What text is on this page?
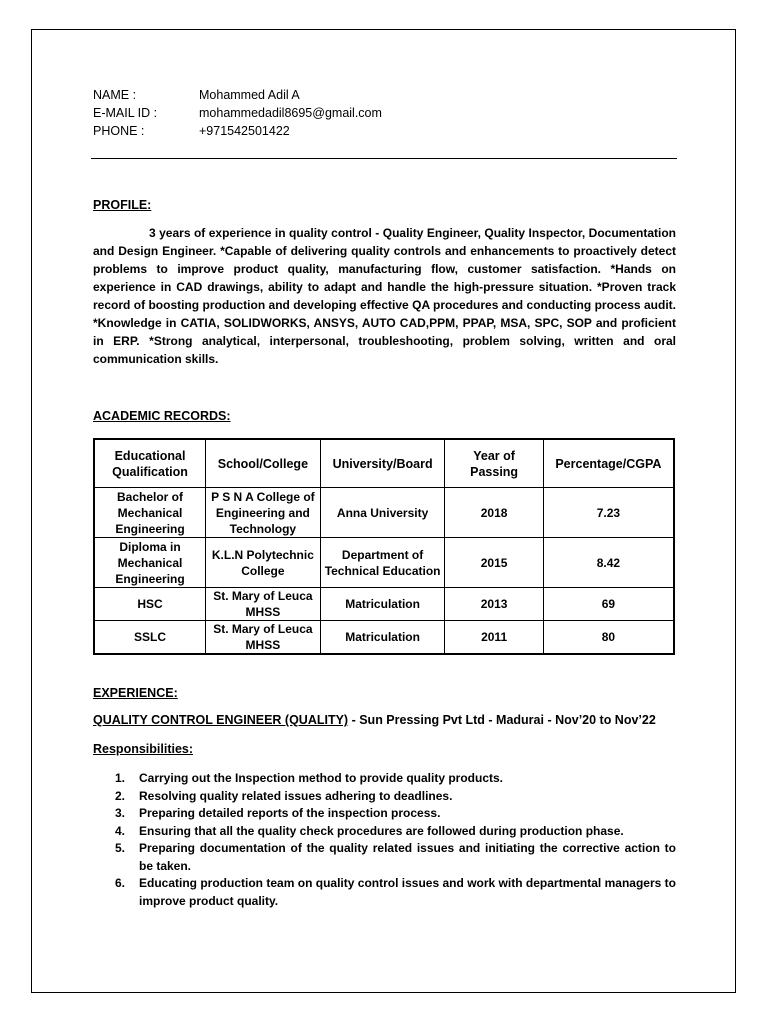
NAME :	Mohammed Adil A
E-MAIL ID :	mohammedadil8695@gmail.com
PHONE :	+971542501422
PROFILE:
3 years of experience in quality control - Quality Engineer, Quality Inspector, Documentation and Design Engineer. *Capable of delivering quality controls and enhancements to proactively detect problems to improve product quality, manufacturing flow, customer satisfaction. *Hands on experience in CAD drawings, ability to adapt and handle the high-pressure situation. *Proven track record of boosting production and developing effective QA procedures and conducting process audit. *Knowledge in CATIA, SOLIDWORKS, ANSYS, AUTO CAD,PPM, PPAP, MSA, SPC, SOP and proficient in ERP. *Strong analytical, interpersonal, troubleshooting, problem solving, written and oral communication skills.
ACADEMIC RECORDS:
Educational Qualification	School/College	University/Board	Year of Passing	Percentage/CGPA
Bachelor of Mechanical Engineering	P S N A College of Engineering and Technology	Anna University	2018	7.23
Diploma in Mechanical Engineering	K.L.N Polytechnic College	Department of Technical Education	2015	8.42
HSC	St. Mary of Leuca MHSS	Matriculation	2013	69
SSLC	St. Mary of Leuca MHSS	Matriculation	2011	80
EXPERIENCE:
QUALITY CONTROL ENGINEER (QUALITY) - Sun Pressing Pvt Ltd - Madurai - Nov’20 to Nov’22
Responsibilities:
1.	Carrying out the Inspection method to provide quality products.
2.	Resolving quality related issues adhering to deadlines.
3.	Preparing detailed reports of the inspection process.
4.	Ensuring that all the quality check procedures are followed during production phase.
5.	Preparing documentation of the quality related issues and initiating the corrective action to be taken.
6.	Educating production team on quality control issues and work with departmental managers to improve product quality.
